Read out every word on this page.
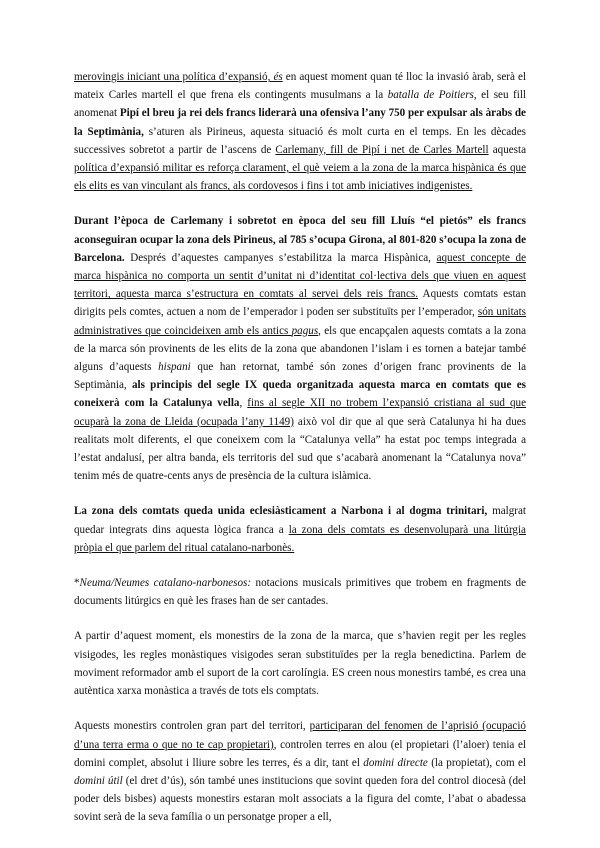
merovingis iniciant una política d’expansió, és en aquest moment quan té lloc la invasió àrab, serà el mateix Carles martell el que frena els contingents musulmans a la batalla de Poitiers, el seu fill anomenat Pipí el breu ja rei dels francs liderarà una ofensiva l’any 750 per expulsar als àrabs de la Septimània, s’aturen als Pirineus, aquesta situació és molt curta en el temps. En les dècades successives sobretot a partir de l’ascens de Carlemany, fill de Pipí i net de Carles Martell aquesta política d’expansió militar es reforça clarament, el què veiem a la zona de la marca hispànica és que els elits es van vinculant als francs, als cordovesos i fins i tot amb iniciatives indigenistes.

Durant l’època de Carlemany i sobretot en època del seu fill Lluís “el pietós” els francs aconseguiran ocupar la zona dels Pirineus, al 785 s’ocupa Girona, al 801-820 s’ocupa la zona de Barcelona. Després d’aquestes campanyes s’estabilitza la marca Hispànica, aquest concepte de marca hispànica no comporta un sentit d’unitat ni d’identitat col·lectiva dels que viuen en aquest territori, aquesta marca s’estructura en comtats al servei dels reis francs. Aquests comtats estan dirigits pels comtes, actuen a nom de l’emperador i poden ser substituïts per l’emperador, són unitats administratives que coincideixen amb els antics pagus, els que encapçalen aquests comtats a la zona de la marca són provinents de les elits de la zona que abandonen l’islam i es tornen a batejar també alguns d’aquests hispani que han retornat, també són zones d’origen franc provinents de la Septimània, als principis del segle IX queda organitzada aquesta marca en comtats que es coneixerà com la Catalunya vella, fins al segle XII no trobem l’expansió cristiana al sud que ocuparà la zona de Lleida (ocupada l’any 1149) això vol dir que al que serà Catalunya hi ha dues realitats molt diferents, el que coneixem com la “Catalunya vella” ha estat poc temps integrada a l’estat andalusí, per altra banda, els territoris del sud que s’acabarà anomenant la “Catalunya nova” tenim més de quatre-cents anys de presència de la cultura islàmica.

La zona dels comtats queda unida eclesiàsticament a Narbona i al dogma trinitari, malgrat quedar integrats dins aquesta lògica franca a la zona dels comtats es desenvoluparà una litúrgia pròpia el que parlem del ritual catalano-narbonès.

*Neuma/Neumes catalano-narbonesos: notacions musicals primitives que trobem en fragments de documents litúrgics en què les frases han de ser cantades.

A partir d’aquest moment, els monestirs de la zona de la marca, que s’havien regit per les regles visigodes, les regles monàstiques visigodes seran substituïdes per la regla benedictina. Parlem de moviment reformador amb el suport de la cort carolíngia. ES creen nous monestirs també, es crea una autèntica xarxa monàstica a través de tots els comptats.

Aquests monestirs controlen gran part del territori, participaran del fenomen de l’aprisió (ocupació d’una terra erma o que no te cap propietari), controlen terres en alou (el propietari (l’aloer) tenia el domini complet, absolut i lliure sobre les terres, és a dir, tant el domini directe (la propietat), com el domini útil (el dret d’ús), són també unes institucions que sovint queden fora del control diocesà (del poder dels bisbes) aquests monestirs estaran molt associats a la figura del comte, l’abat o abadessa sovint serà de la seva família o un personatge proper a ell,
